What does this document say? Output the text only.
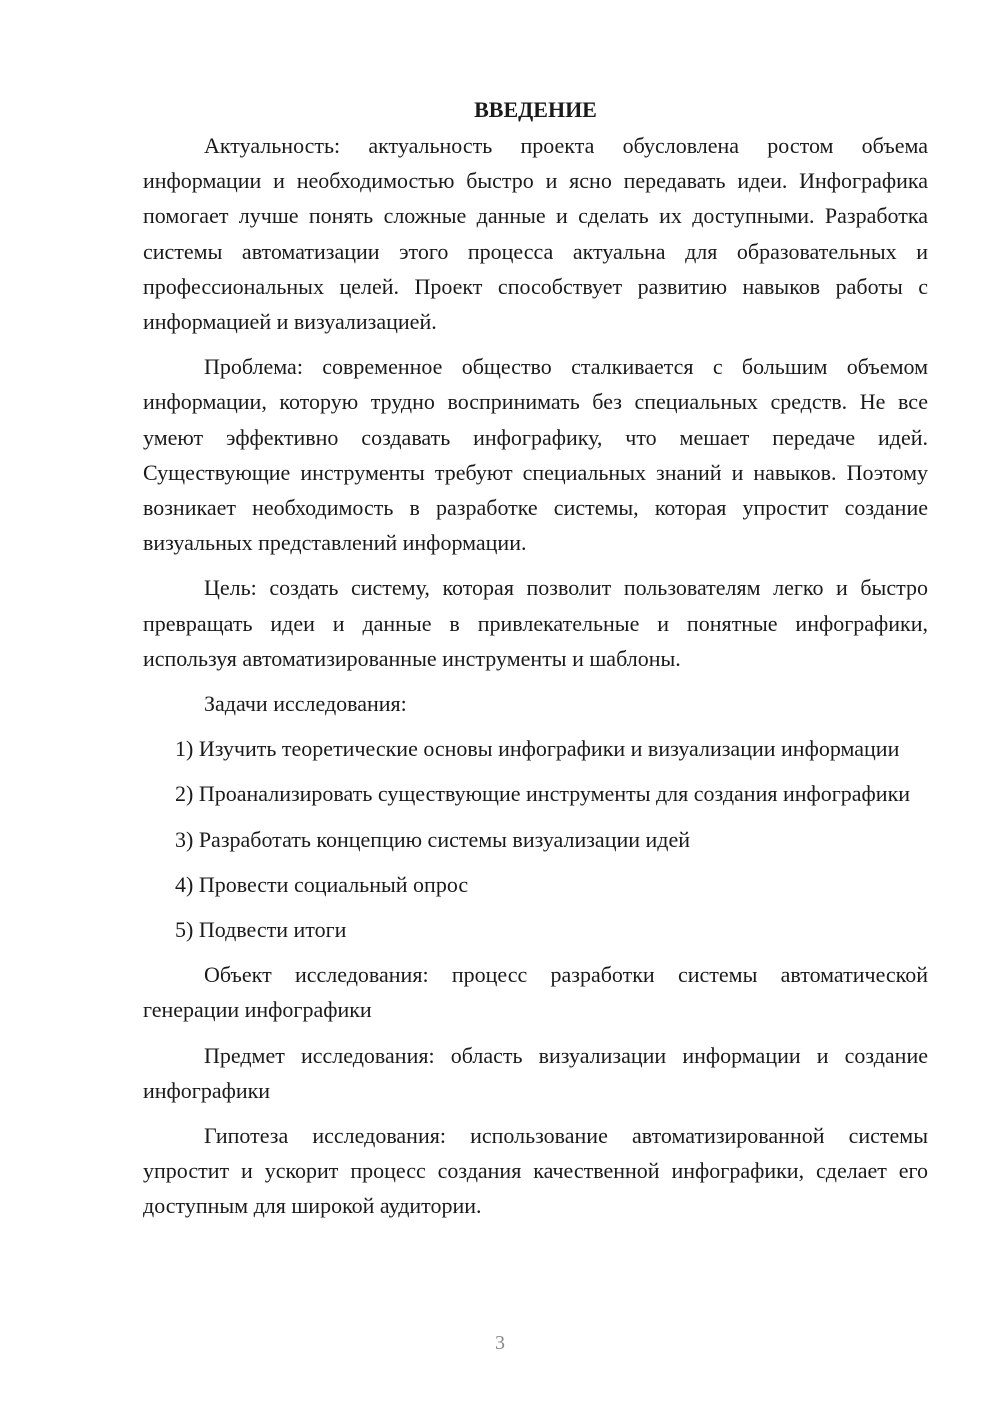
ВВЕДЕНИЕ
Актуальность: актуальность проекта обусловлена ростом объема информации и необходимостью быстро и ясно передавать идеи. Инфографика помогает лучше понять сложные данные и сделать их доступными. Разработка системы автоматизации этого процесса актуальна для образовательных и профессиональных целей. Проект способствует развитию навыков работы с информацией и визуализацией.
Проблема: современное общество сталкивается с большим объемом информации, которую трудно воспринимать без специальных средств. Не все умеют эффективно создавать инфографику, что мешает передаче идей. Существующие инструменты требуют специальных знаний и навыков. Поэтому возникает необходимость в разработке системы, которая упростит создание визуальных представлений информации.
Цель: создать систему, которая позволит пользователям легко и быстро превращать идеи и данные в привлекательные и понятные инфографики, используя автоматизированные инструменты и шаблоны.
Задачи исследования:
1) Изучить теоретические основы инфографики и визуализации информации
2) Проанализировать существующие инструменты для создания инфографики
3) Разработать концепцию системы визуализации идей
4) Провести социальный опрос
5) Подвести итоги
Объект исследования: процесс разработки системы автоматической генерации инфографики
Предмет исследования: область визуализации информации и создание инфографики
Гипотеза исследования: использование автоматизированной системы упростит и ускорит процесс создания качественной инфографики, сделает его доступным для широкой аудитории.
3
